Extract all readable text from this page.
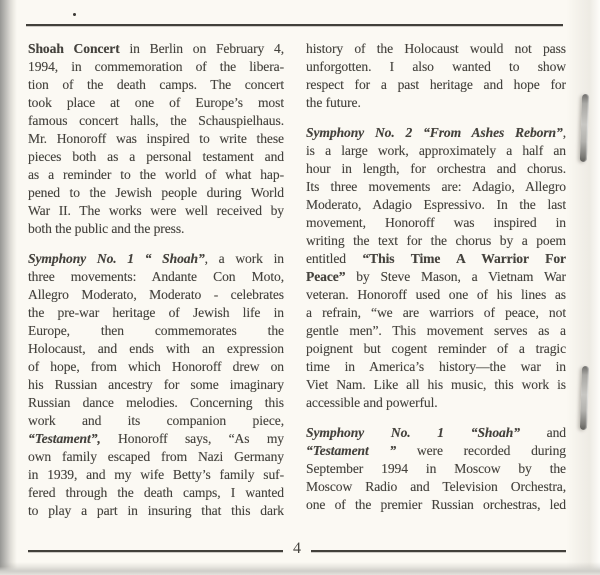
Shoah Concert in Berlin on February 4,
1994, in commemoration of the libera-
tion of the death camps. The concert
took place at one of Europe’s most
famous concert halls, the Schauspielhaus.
Mr. Honoroff was inspired to write these
pieces both as a personal testament and
as a reminder to the world of what hap-
pened to the Jewish people during World
War II. The works were well received by
both the public and the press.
Symphony No. 1 “ Shoah”, a work in
three movements: Andante Con Moto,
Allegro Moderato, Moderato - celebrates
the pre-war heritage of Jewish life in
Europe, then commemorates the
Holocaust, and ends with an expression
of hope, from which Honoroff drew on
his Russian ancestry for some imaginary
Russian dance melodies. Concerning this
work and its companion piece,
“Testament”, Honoroff says, “As my
own family escaped from Nazi Germany
in 1939, and my wife Betty’s family suf-
fered through the death camps, I wanted
to play a part in insuring that this dark
history of the Holocaust would not pass
unforgotten. I also wanted to show
respect for a past heritage and hope for
the future.
Symphony No. 2 “From Ashes Reborn”,
is a large work, approximately a half an
hour in length, for orchestra and chorus.
Its three movements are: Adagio, Allegro
Moderato, Adagio Espressivo. In the last
movement, Honoroff was inspired in
writing the text for the chorus by a poem
entitled “This Time A Warrior For
Peace” by Steve Mason, a Vietnam War
veteran. Honoroff used one of his lines as
a refrain, “we are warriors of peace, not
gentle men”. This movement serves as a
poignent but cogent reminder of a tragic
time in America’s history—the war in
Viet Nam. Like all his music, this work is
accessible and powerful.
Symphony No. 1 “Shoah” and
“Testament ” were recorded during
September 1994 in Moscow by the
Moscow Radio and Television Orchestra,
one of the premier Russian orchestras, led
4
